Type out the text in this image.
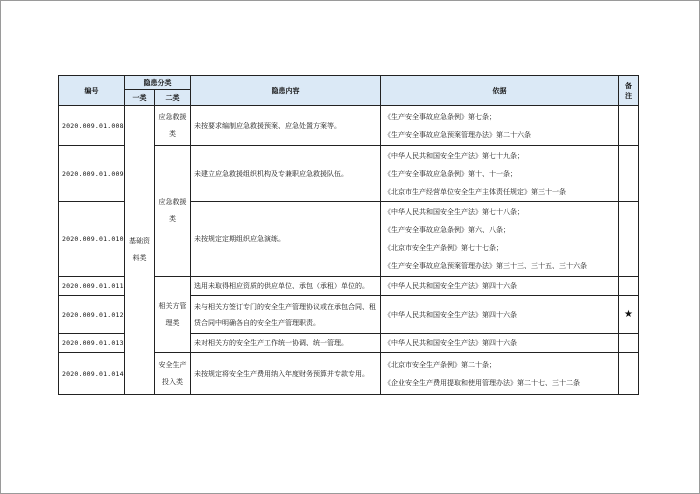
编号	隐患分类		隐患内容	依据	备注
	一类	二类			
2020.009.01.008	基础资料类	应急救援类	未按要求编制应急救援预案、应急处置方案等。	《生产安全事故应急条例》第七条；
《生产安全事故应急预案管理办法》第二十六条	

2020.009.01.009		应急救援类	未建立应急救援组织机构及专兼职应急救援队伍。	《中华人民共和国安全生产法》第七十九条；
《生产安全事故应急条例》第十、十一条；
《北京市生产经营单位安全生产主体责任规定》第三十一条	

2020.009.01.010			未按规定定期组织应急演练。	《中华人民共和国安全生产法》第七十八条；
《生产安全事故应急条例》第六、八条；
《北京市安全生产条例》第七十七条；
《生产安全事故应急预案管理办法》第三十三、三十五、三十六条	

2020.009.01.011		相关方管理类	选用未取得相应资质的供应单位、承包（承租）单位的。	《中华人民共和国安全生产法》第四十六条	

2020.009.01.012			未与相关方签订专门的安全生产管理协议或在承包合同、租赁合同中明确各自的安全生产管理职责。	《中华人民共和国安全生产法》第四十六条	★
2020.009.01.013			未对相关方的安全生产工作统一协调、统一管理。	《中华人民共和国安全生产法》第四十六条	

2020.009.01.014		安全生产投入类	未按规定将安全生产费用纳入年度财务预算并专款专用。	《北京市安全生产条例》第二十条；
《企业安全生产费用提取和使用管理办法》第二十七、三十二条	
